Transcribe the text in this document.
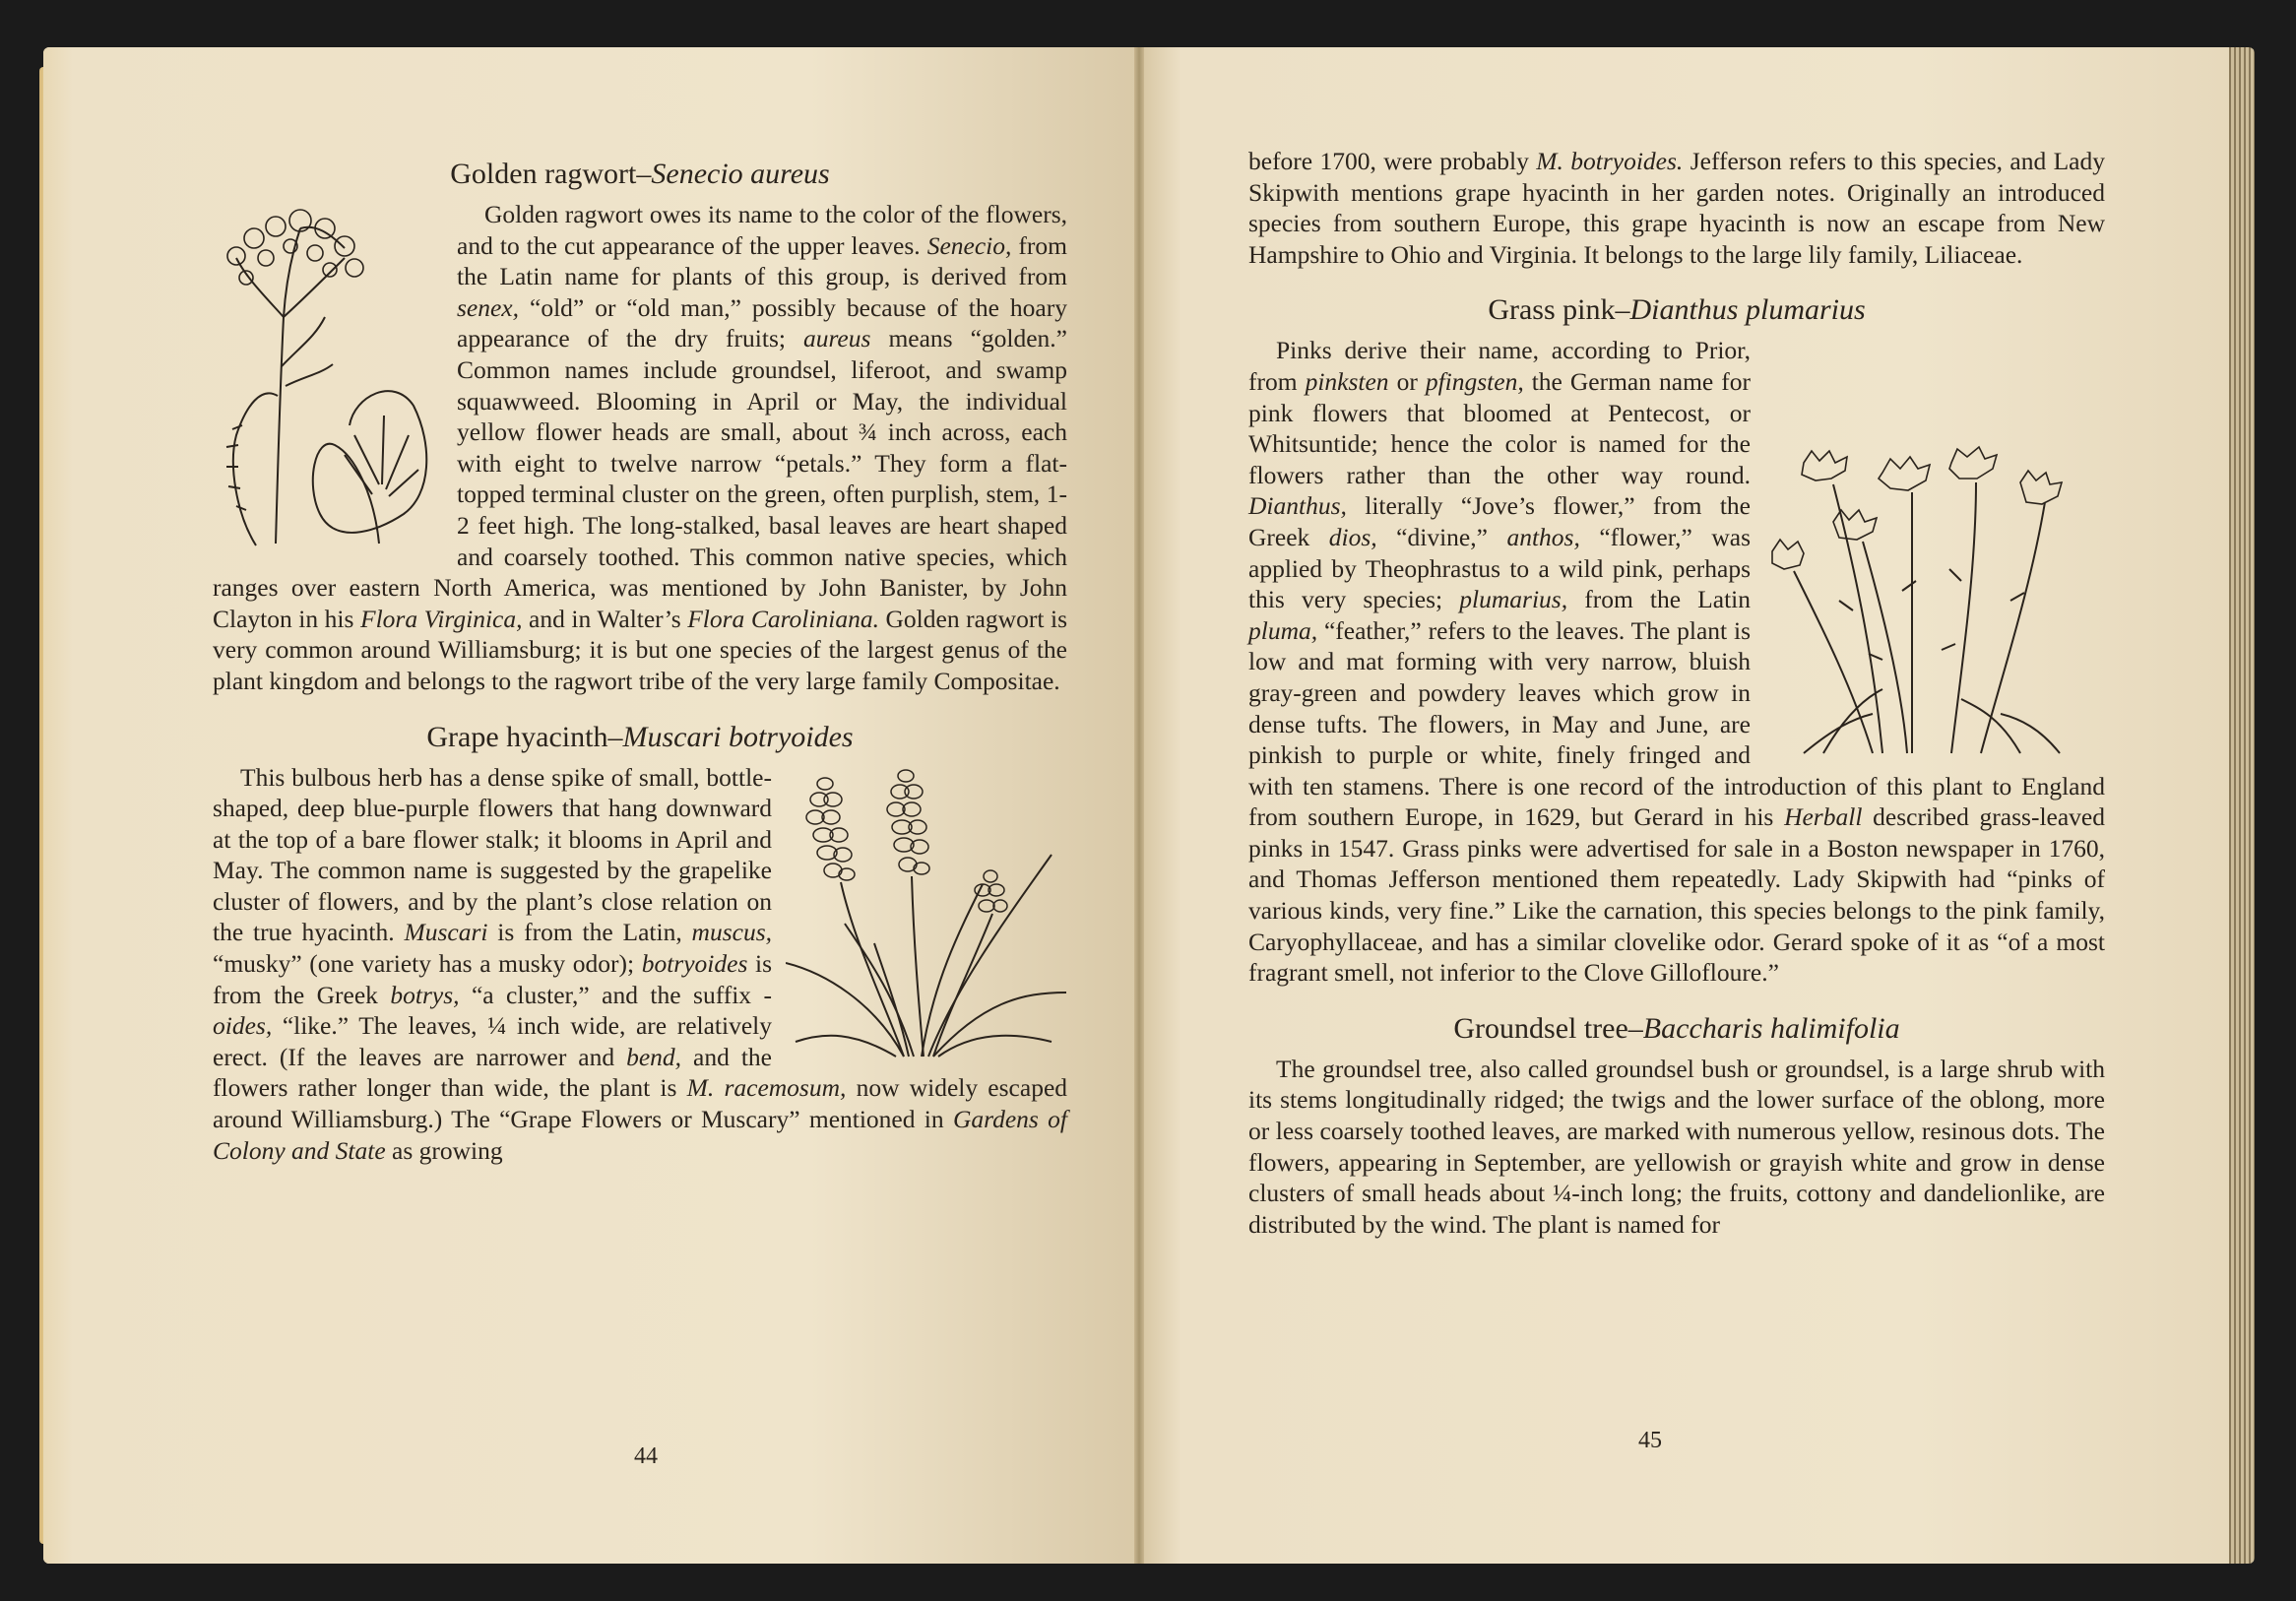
Golden ragwort–Senecio aureus

Golden ragwort owes its name to the color of the flowers, and to the cut appearance of the upper leaves. Senecio, from the Latin name for plants of this group, is derived from senex, “old” or “old man,” possibly because of the hoary appearance of the dry fruits; aureus means “golden.” Common names include groundsel, liferoot, and swamp squawweed. Blooming in April or May, the individual yellow flower heads are small, about ¾ inch across, each with eight to twelve narrow “petals.” They form a flat-topped terminal cluster on the green, often purplish, stem, 1-2 feet high. The long-stalked, basal leaves are heart shaped and coarsely toothed. This common native species, which ranges over eastern North America, was mentioned by John Banister, by John Clayton in his Flora Virginica, and in Walter’s Flora Caroliniana. Golden ragwort is very common around Williamsburg; it is but one species of the largest genus of the plant kingdom and belongs to the ragwort tribe of the very large family Compositae.

Grape hyacinth–Muscari botryoides

This bulbous herb has a dense spike of small, bottle-shaped, deep blue-purple flowers that hang downward at the top of a bare flower stalk; it blooms in April and May. The common name is suggested by the grapelike cluster of flowers, and by the plant’s close relation on the true hyacinth. Muscari is from the Latin, muscus, “musky” (one variety has a musky odor); botryoides is from the Greek botrys, “a cluster,” and the suffix -oides, “like.” The leaves, ¼ inch wide, are relatively erect. (If the leaves are narrower and bend, and the flowers rather longer than wide, the plant is M. racemosum, now widely escaped around Williamsburg.) The “Grape Flowers or Muscary” mentioned in Gardens of Colony and State as growing

44

before 1700, were probably M. botryoides. Jefferson refers to this species, and Lady Skipwith mentions grape hyacinth in her garden notes. Originally an introduced species from southern Europe, this grape hyacinth is now an escape from New Hampshire to Ohio and Virginia. It belongs to the large lily family, Liliaceae.

Grass pink–Dianthus plumarius

Pinks derive their name, according to Prior, from pinksten or pfingsten, the German name for pink flowers that bloomed at Pentecost, or Whitsuntide; hence the color is named for the flowers rather than the other way round. Dianthus, literally “Jove’s flower,” from the Greek dios, “divine,” anthos, “flower,” was applied by Theophrastus to a wild pink, perhaps this very species; plumarius, from the Latin pluma, “feather,” refers to the leaves. The plant is low and mat forming with very narrow, bluish gray-green and powdery leaves which grow in dense tufts. The flowers, in May and June, are pinkish to purple or white, finely fringed and with ten stamens. There is one record of the introduction of this plant to England from southern Europe, in 1629, but Gerard in his Herball described grass-leaved pinks in 1547. Grass pinks were advertised for sale in a Boston newspaper in 1760, and Thomas Jefferson mentioned them repeatedly. Lady Skipwith had “pinks of various kinds, very fine.” Like the carnation, this species belongs to the pink family, Caryophyllaceae, and has a similar clovelike odor. Gerard spoke of it as “of a most fragrant smell, not inferior to the Clove Gillofloure.”

Groundsel tree–Baccharis halimifolia

The groundsel tree, also called groundsel bush or groundsel, is a large shrub with its stems longitudinally ridged; the twigs and the lower surface of the oblong, more or less coarsely toothed leaves, are marked with numerous yellow, resinous dots. The flowers, appearing in September, are yellowish or grayish white and grow in dense clusters of small heads about ¼-inch long; the fruits, cottony and dandelionlike, are distributed by the wind. The plant is named for

45
